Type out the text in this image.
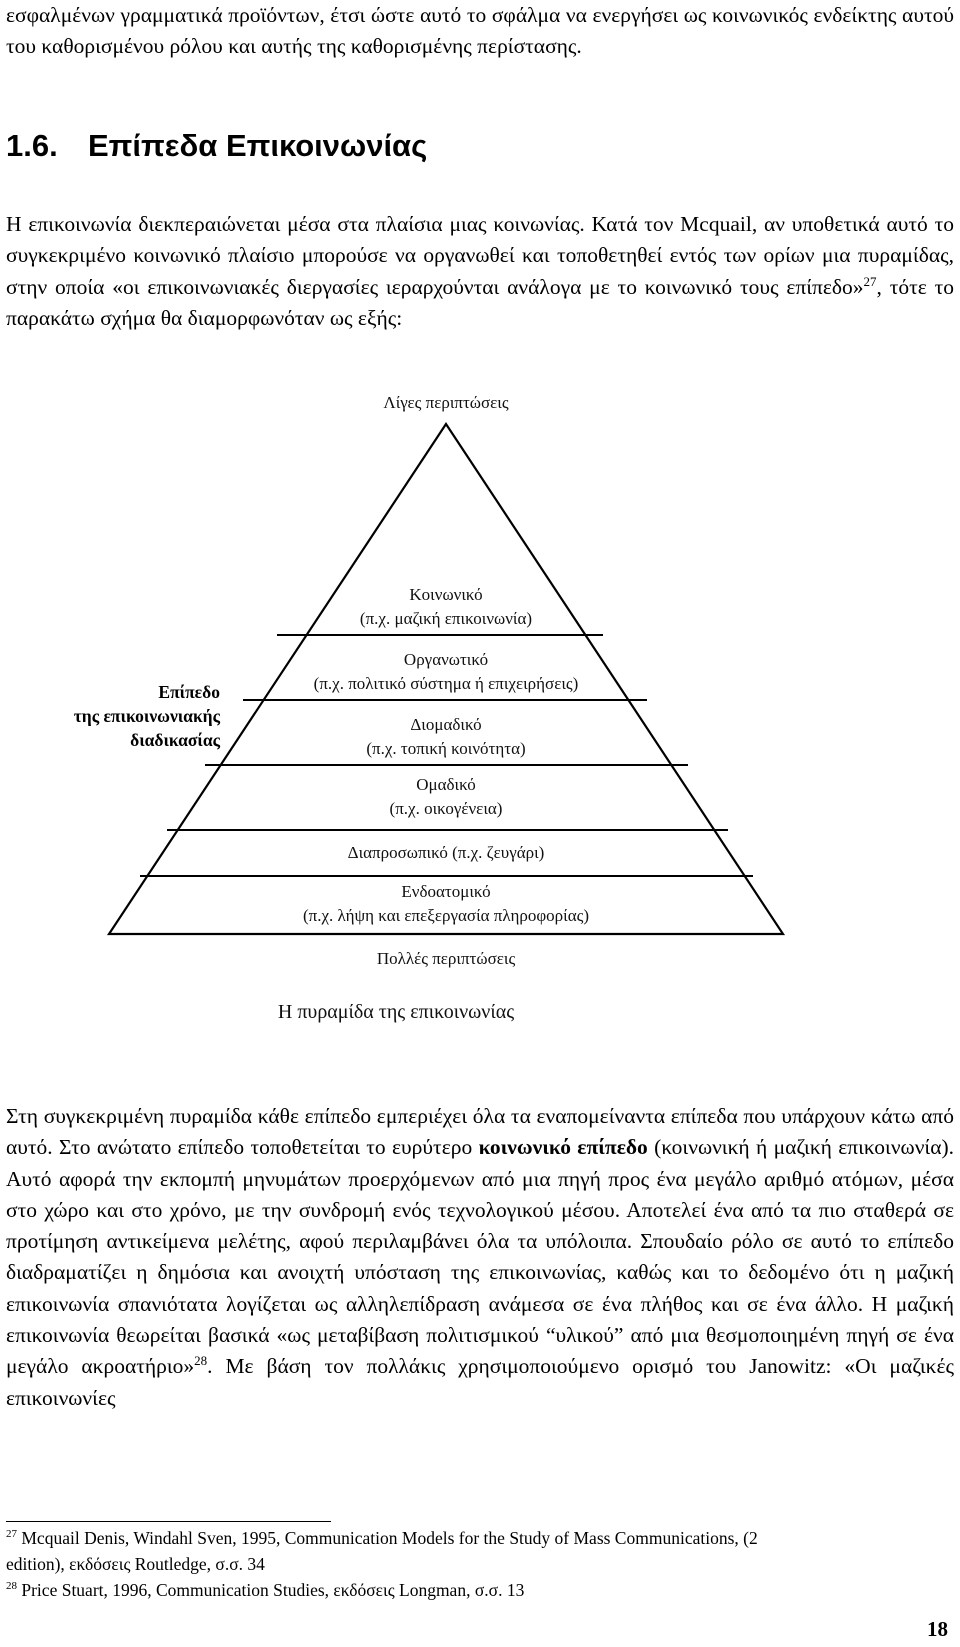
εσφαλμένων γραμματικά προϊόντων, έτσι ώστε αυτό το σφάλμα να ενεργήσει ως κοινωνικός ενδείκτης αυτού του καθορισμένου ρόλου και αυτής της καθορισμένης περίστασης.

1.6. Επίπεδα Επικοινωνίας

Η επικοινωνία διεκπεραιώνεται μέσα στα πλαίσια μιας κοινωνίας. Κατά τον Mcquail, αν υποθετικά αυτό το συγκεκριμένο κοινωνικό πλαίσιο μπορούσε να οργανωθεί και τοποθετηθεί εντός των ορίων μια πυραμίδας, στην οποία «οι επικοινωνιακές διεργασίες ιεραρχούνται ανάλογα με το κοινωνικό τους επίπεδο»$^{27}$, τότε το παρακάτω σχήμα θα διαμορφωνόταν ως εξής:

Λίγες περιπτώσεις
Επίπεδο
της επικοινωνιακής
διαδικασίας
Κοινωνικό
(π.χ. μαζική επικοινωνία)
Οργανωτικό
(π.χ. πολιτικό σύστημα ή επιχειρήσεις)
Διομαδικό
(π.χ. τοπική κοινότητα)
Ομαδικό
(π.χ. οικογένεια)
Διαπροσωπικό (π.χ. ζευγάρι)
Ενδοατομικό
(π.χ. λήψη και επεξεργασία πληροφορίας)
Πολλές περιπτώσεις
Η πυραμίδα της επικοινωνίας

Στη συγκεκριμένη πυραμίδα κάθε επίπεδο εμπεριέχει όλα τα εναπομείναντα επίπεδα που υπάρχουν κάτω από αυτό. Στο ανώτατο επίπεδο τοποθετείται το ευρύτερο κοινωνικό επίπεδο (κοινωνική ή μαζική επικοινωνία). Αυτό αφορά την εκπομπή μηνυμάτων προερχόμενων από μια πηγή προς ένα μεγάλο αριθμό ατόμων, μέσα στο χώρο και στο χρόνο, με την συνδρομή ενός τεχνολογικού μέσου. Αποτελεί ένα από τα πιο σταθερά σε προτίμηση αντικείμενα μελέτης, αφού περιλαμβάνει όλα τα υπόλοιπα. Σπουδαίο ρόλο σε αυτό το επίπεδο διαδραματίζει η δημόσια και ανοιχτή υπόσταση της επικοινωνίας, καθώς και το δεδομένο ότι η μαζική επικοινωνία σπανιότατα λογίζεται ως αλληλεπίδραση ανάμεσα σε ένα πλήθος και σε ένα άλλο. Η μαζική επικοινωνία θεωρείται βασικά «ως μεταβίβαση πολιτισμικού “υλικού” από μια θεσμοποιημένη πηγή σε ένα μεγάλο ακροατήριο»$^{28}$. Με βάση τον πολλάκις χρησιμοποιούμενο ορισμό του Janowitz: «Οι μαζικές επικοινωνίες

$^{27}$ Mcquail Denis, Windahl Sven, 1995, Communication Models for the Study of Mass Communications, (2 edition), εκδόσεις Routledge, σ.σ. 34

$^{28}$ Price Stuart, 1996, Communication Studies, εκδόσεις Longman, σ.σ. 13

18
